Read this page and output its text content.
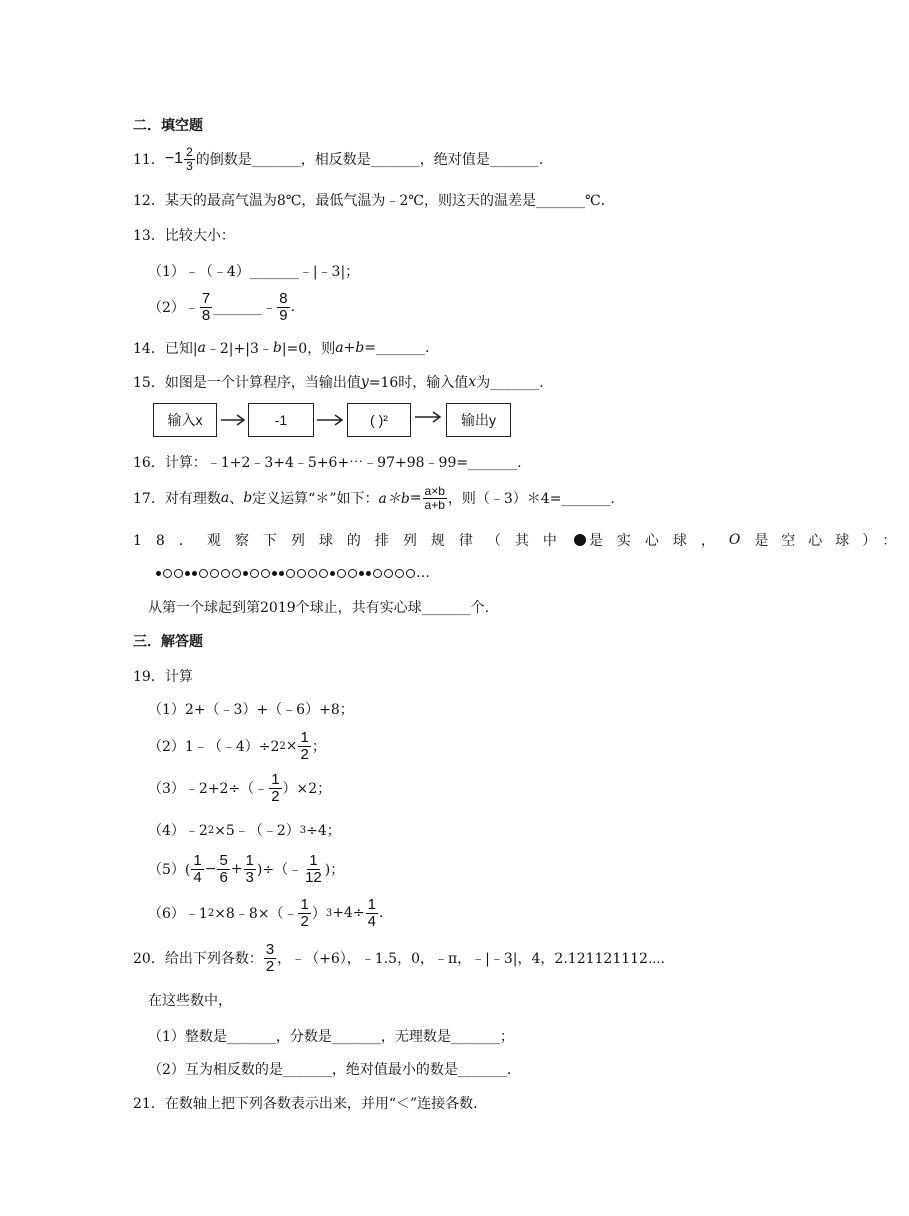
二．填空题
11． $-1 \frac{2}{3}$ 的倒数是_______，相反数是_______，绝对值是_______.
12．某天的最高气温为8℃，最低气温为﹣2℃，则这天的温差是_______℃.
13．比较大小：
（1）﹣（﹣4）_______﹣|﹣3|；
（2）﹣ $\frac{7}{8}$ _______﹣ $\frac{8}{9}$ .
14．已知| a ﹣2|+|3﹣ b |=0，则 a+b =_______.
15．如图是一个计算程序，当输出值 y =16时，输入值 x 为_______.
输入x	-1	( )²	输出y
16．计算：﹣1+2﹣3+4﹣5+6+⋯﹣97+98﹣99=_______.
17．对有理数 a 、 b 定义运算“＊”如下： a＊b = $\frac{a\times b}{a+b}$ ，则（﹣3）＊4=_______.
18．观察下列球的排列规律（其中 是实心球， O 是空心球）：
…
从第一个球起到第2019个球止，共有实心球_______个.
三．解答题
19．计算
（1）2+（﹣3）+（﹣6）+8；
（2）1﹣（﹣4）÷2 $2 \times \frac{1}{2}$ ；
（3）﹣2+2÷（﹣ $\frac{1}{2} )\times 2$；
（4）﹣2 2 ×5﹣（﹣2） 3 ÷4；
$(5)( \frac{1}{4} - \frac{5}{6} + \frac{1}{3}$ )÷（﹣ $\frac{1}{12}$ )；
（6）﹣1 2 ×8﹣8×（﹣ $\frac{1}{2}$ ） $3 +4\div \frac{1}{4}$ .
20．给出下列各数： $\frac{3}{2}$ ，﹣（+6），﹣1.5，0，﹣π，﹣|﹣3|，4，2.121121112⋯.
在这些数中，
（1）整数是_______，分数是_______，无理数是_______；
（2）互为相反数的是_______，绝对值最小的数是_______.
21．在数轴上把下列各数表示出来，并用“＜”连接各数.
